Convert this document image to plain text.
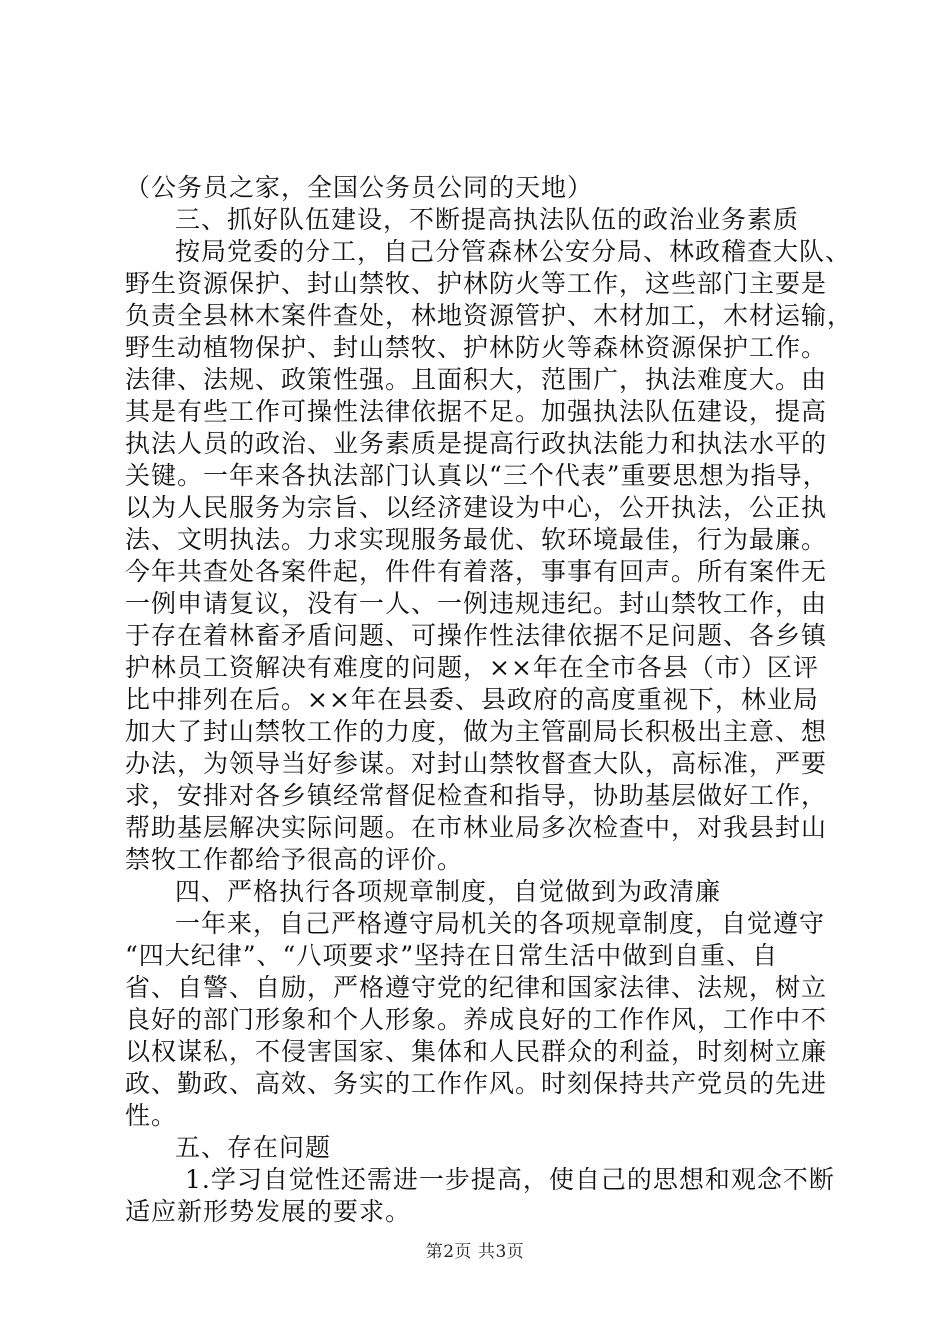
（公务员之家，全国公务员公同的天地）

三、抓好队伍建设，不断提高执法队伍的政治业务素质

按局党委的分工，自己分管森林公安分局、林政稽查大队、

野生资源保护、封山禁牧、护林防火等工作，这些部门主要是

负责全县林木案件查处，林地资源管护、木材加工，木材运输，

野生动植物保护、封山禁牧、护林防火等森林资源保护工作。

法律、法规、政策性强。且面积大，范围广，执法难度大。由

其是有些工作可操性法律依据不足。加强执法队伍建设，提高

执法人员的政治、业务素质是提高行政执法能力和执法水平的

关键。一年来各执法部门认真以“三个代表”重要思想为指导，

以为人民服务为宗旨、以经济建设为中心，公开执法，公正执

法、文明执法。力求实现服务最优、软环境最佳，行为最廉。

今年共查处各案件起，件件有着落，事事有回声。所有案件无

一例申请复议，没有一人、一例违规违纪。封山禁牧工作，由

于存在着林畜矛盾问题、可操作性法律依据不足问题、各乡镇

护林员工资解决有难度的问题，××年在全市各县（市）区评

比中排列在后。××年在县委、县政府的高度重视下，林业局

加大了封山禁牧工作的力度，做为主管副局长积极出主意、想

办法，为领导当好参谋。对封山禁牧督查大队，高标准，严要

求，安排对各乡镇经常督促检查和指导，协助基层做好工作，

帮助基层解决实际问题。在市林业局多次检查中，对我县封山

禁牧工作都给予很高的评价。

四、严格执行各项规章制度，自觉做到为政清廉

一年来，自己严格遵守局机关的各项规章制度，自觉遵守

“四大纪律”、“八项要求”坚持在日常生活中做到自重、自

省、自警、自励，严格遵守党的纪律和国家法律、法规，树立

良好的部门形象和个人形象。养成良好的工作作风，工作中不

以权谋私，不侵害国家、集体和人民群众的利益，时刻树立廉

政、勤政、高效、务实的工作作风。时刻保持共产党员的先进

性。

五、存在问题

1.学习自觉性还需进一步提高，使自己的思想和观念不断

适应新形势发展的要求。

第2页 共3页
